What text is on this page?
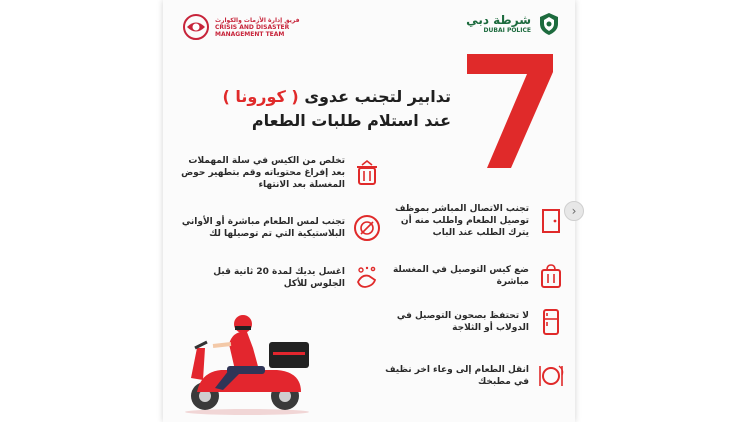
فريق إدارة الأزمات والكوارث
CRISIS AND DISASTER
MANAGEMENT TEAM
شرطة دبي
DUBAI POLICE
تدابير لتجنب عدوى ( كورونا )
عند استلام طلبات الطعام
تخلص من الكيس في سلة المهملات بعد إفراغ محتوياته وقم بتطهير حوض المغسلة بعد الانتهاء
تجنب لمس الطعام مباشرة أو الأواني البلاستيكية التي تم توصيلها لك
اغسل يديك لمدة 20 ثانية قبل الجلوس للأكل
تجنب الاتصال المباشر بموظف توصيل الطعام واطلب منه أن يترك الطلب عند الباب
ضع كيس التوصيل في المغسلة مباشرة
لا تحتفظ بصحون التوصيل في الدولاب أو الثلاجة
انقل الطعام إلى وعاء اخر نظيف في مطبخك
›
